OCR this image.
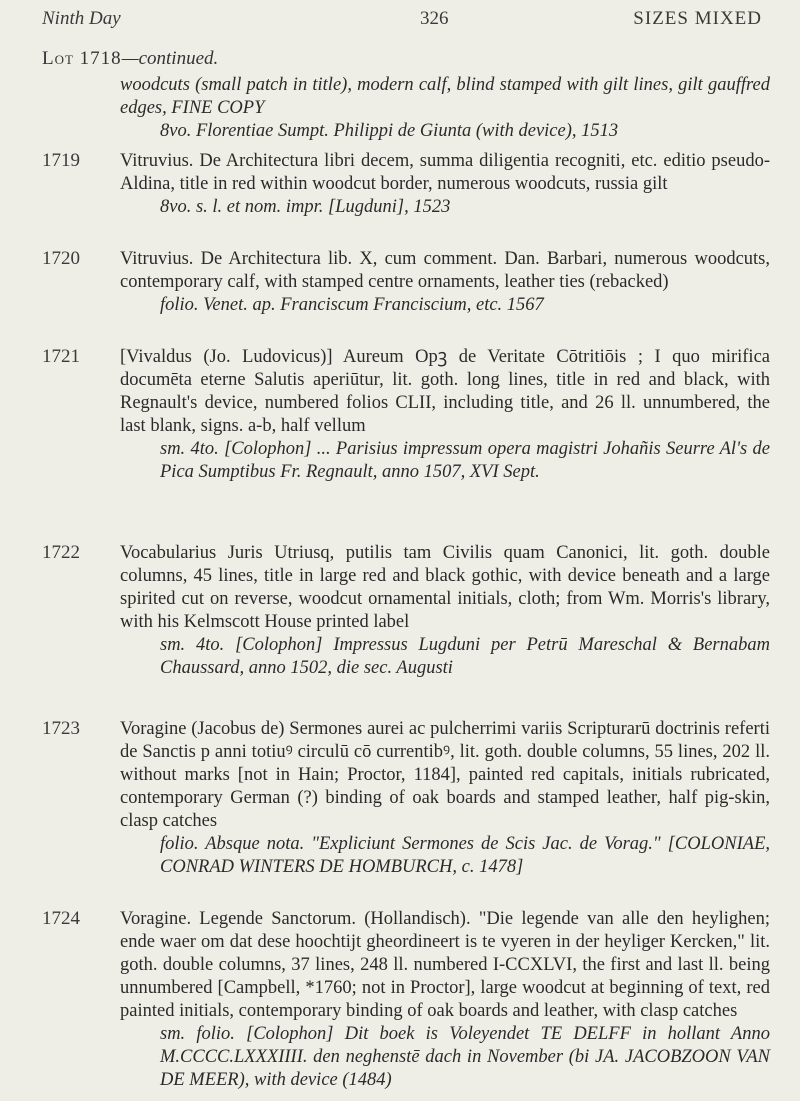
Ninth Day	326	SIZES MIXED
Lot 1718—continued.

woodcuts (small patch in title), modern calf, blind stamped with gilt lines, gilt gauffred edges, FINE COPY

8vo. Florentiae Sumpt. Philippi de Giunta (with device), 1513

1719	Vitruvius. De Architectura libri decem, summa diligentia recogniti, etc. editio pseudo-Aldina, title in red within woodcut border, numerous woodcuts, russia gilt

8vo. s. l. et nom. impr. [Lugduni], 1523

1720	Vitruvius. De Architectura lib. X, cum comment. Dan. Barbari, numerous woodcuts, contemporary calf, with stamped centre ornaments, leather ties (rebacked)

folio. Venet. ap. Franciscum Franciscium, etc. 1567

1721	[Vivaldus (Jo. Ludovicus)] Aureum Opꝫ de Veritate Cōtritiōis ; I quo mirifica documēta eterne Salutis aperiūtur, lit. goth. long lines, title in red and black, with Regnault's device, numbered folios CLII, including title, and 26 ll. unnumbered, the last blank, signs. a-b, half vellum

sm. 4to. [Colophon] ... Parisius impressum opera magistri Johañis Seurre Al's de Pica Sumptibus Fr. Regnault, anno 1507, XVI Sept.

1722	Vocabularius Juris Utriusq, putilis tam Civilis quam Canonici, lit. goth. double columns, 45 lines, title in large red and black gothic, with device beneath and a large spirited cut on reverse, woodcut ornamental initials, cloth; from Wm. Morris's library, with his Kelmscott House printed label

sm. 4to. [Colophon] Impressus Lugduni per Petrū Mareschal & Bernabam Chaussard, anno 1502, die sec. Augusti

1723	Voragine (Jacobus de) Sermones aurei ac pulcherrimi variis Scripturarū doctrinis referti de Sanctis p anni totiuꝰ circulū cō currentibꝰ, lit. goth. double columns, 55 lines, 202 ll. without marks [not in Hain; Proctor, 1184], painted red capitals, initials rubricated, contemporary German (?) binding of oak boards and stamped leather, half pig-skin, clasp catches

folio. Absque nota. "Expliciunt Sermones de Scis Jac. de Vorag." [COLONIAE, CONRAD WINTERS DE HOMBURCH, c. 1478]

1724	Voragine. Legende Sanctorum. (Hollandisch). "Die legende van alle den heylighen; ende waer om dat dese hoochtijt gheordineert is te vyeren in der heyliger Kercken," lit. goth. double columns, 37 lines, 248 ll. numbered I-CCXLVI, the first and last ll. being unnumbered [Campbell, *1760; not in Proctor], large woodcut at beginning of text, red painted initials, contemporary binding of oak boards and leather, with clasp catches

sm. folio. [Colophon] Dit boek is Voleyendet TE DELFF in hollant Anno M.CCCC.LXXXIIII. den neghenstē dach in November (bi JA. JACOBZOON VAN DE MEER), with device (1484)
